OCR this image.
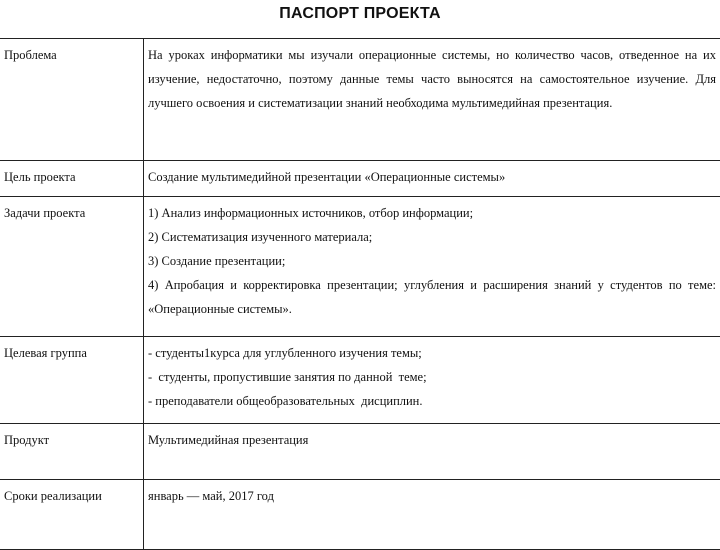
ПАСПОРТ ПРОЕКТА
Проблема	На уроках информатики мы изучали операционные системы, но количество часов, отведенное на их изучение, недостаточно, поэтому данные темы часто выносятся на самостоятельное изучение. Для лучшего освоения и систематизации знаний необходима мультимедийная презентация.
Цель проекта	Создание мультимедийной презентации «Операционные системы»
Задачи проекта	1) Анализ информационных источников, отбор информации;
2) Систематизация изученного материала;
3) Создание презентации;
4) Апробация и корректировка презентации; углубления и расширения знаний у студентов по теме: «Операционные системы».

Целевая группа	- студенты1курса для углубленного изучения темы;
-  студенты, пропустившие занятия по данной  теме;
- преподаватели общеобразовательных  дисциплин.

Продукт	Мультимедийная презентация
Сроки реализации	январь — май, 2017 год
